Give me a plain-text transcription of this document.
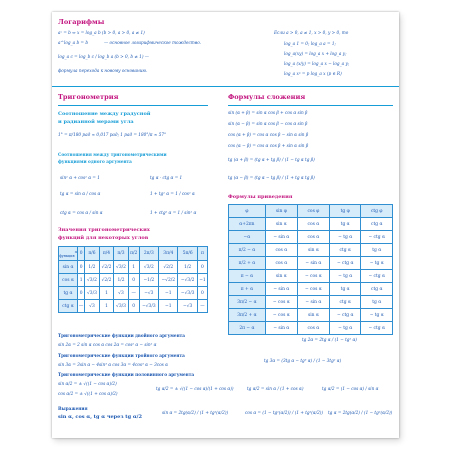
Логарифмы
aˣ = b ⇔ x = log_a b (b > 0, a > 0, a ≠ 1)
a^log_a b = b	— основное логарифмическое тождество.
log_a c = log_b c / log_b a (b > 0, b ≠ 1) —
формула перехода к новому основанию.
Если a > 0, a ≠ 1, x > 0, y > 0, то
log_a 1 = 0; log_a a = 1;
log_a(xy) = log_a x + log_a y;
log_a (x/y) = log_a x − log_a y;
log_a xᵖ = p log_a x (p ∈ R)
Тригонометрия
Соотношение между градусной
и радианной мерами угла
1° = π/180 рад ≈ 0,017 рад; 1 рад = 180°/π ≈ 57°
Соотношения между тригонометрическими
функциями одного аргумента
sin² α + cos² α = 1	tg α · ctg α = 1
tg α = sin α / cos α	1 + tg² α = 1 / cos² α
ctg α = cos α / sin α	1 + ctg² α = 1 / sin² α
Значения тригонометрических
функций для некоторых углов
α
функция	0	π/6	π/4	π/3	π/2	2π/3	3π/4	5π/6	π
sin α	0	1/2	√2/2	√3/2	1	√3/2	√2/2	1/2	0
cos α	1	√3/2	√2/2	1/2	0	−1/2	−√2/2	−√3/2	−1
tg α	0	√3/3	1	√3	—	−√3	−1	−√3/3	0
ctg α	—	√3	1	√3/3	0	−√3/3	−1	−√3	—
Формулы сложения
sin (α + β) = sin α cos β + cos α sin β
sin (α − β) = sin α cos β − cos α sin β
cos (α + β) = cos α cos β − sin α sin β
cos (α − β) = cos α cos β + sin α sin β
tg (α + β) = (tg α + tg β) / (1 − tg α tg β)
tg (α − β) = (tg α − tg β) / (1 + tg α tg β)
Формулы приведения
φ	sin φ	cos φ	tg φ	ctg φ
α+2πn	sin α	cos α	tg α	ctg α
−α	− sin α	cos α	− tg α	− ctg α
π/2 − α	cos α	sin α	ctg α	tg α
π/2 + α	cos α	− sin α	− ctg α	− tg α
π − α	sin α	− cos α	− tg α	− ctg α
π + α	− sin α	− cos α	tg α	ctg α
3π/2 − α	− cos α	− sin α	ctg α	tg α
3π/2 + α	− cos α	sin α	− ctg α	− tg α
2π − α	− sin α	cos α	− tg α	− ctg α
Тригонометрические функции двойного аргумента
sin 2α = 2 sin α cos α cos 2α = cos² α − sin² α
tg 2α = 2tg α / (1 − tg² α)
Тригонометрические функции тройного аргумента
sin 3α = 3sin α − 4sin³ α cos 3α = 4cos³ α − 3cos α
tg 3α = (3tg α − tg³ α) / (1 − 3tg² α)
Тригонометрические функции половинного аргумента
sin α/2 = ± √((1 − cos α)/2)
cos α/2 = ± √((1 + cos α)/2)
tg α/2 = ± √((1 − cos α)/(1 + cos α))	tg α/2 = sin α / (1 + cos α)	tg α/2 = (1 − cos α) / sin α
Выражения
sin α, cos α, tg α через tg α/2
sin α = 2tg(α/2) / (1 + tg²(α/2))	cos α = (1 − tg²(α/2)) / (1 + tg²(α/2)) tg α = 2tg(α/2) / (1 − tg²(α/2))
